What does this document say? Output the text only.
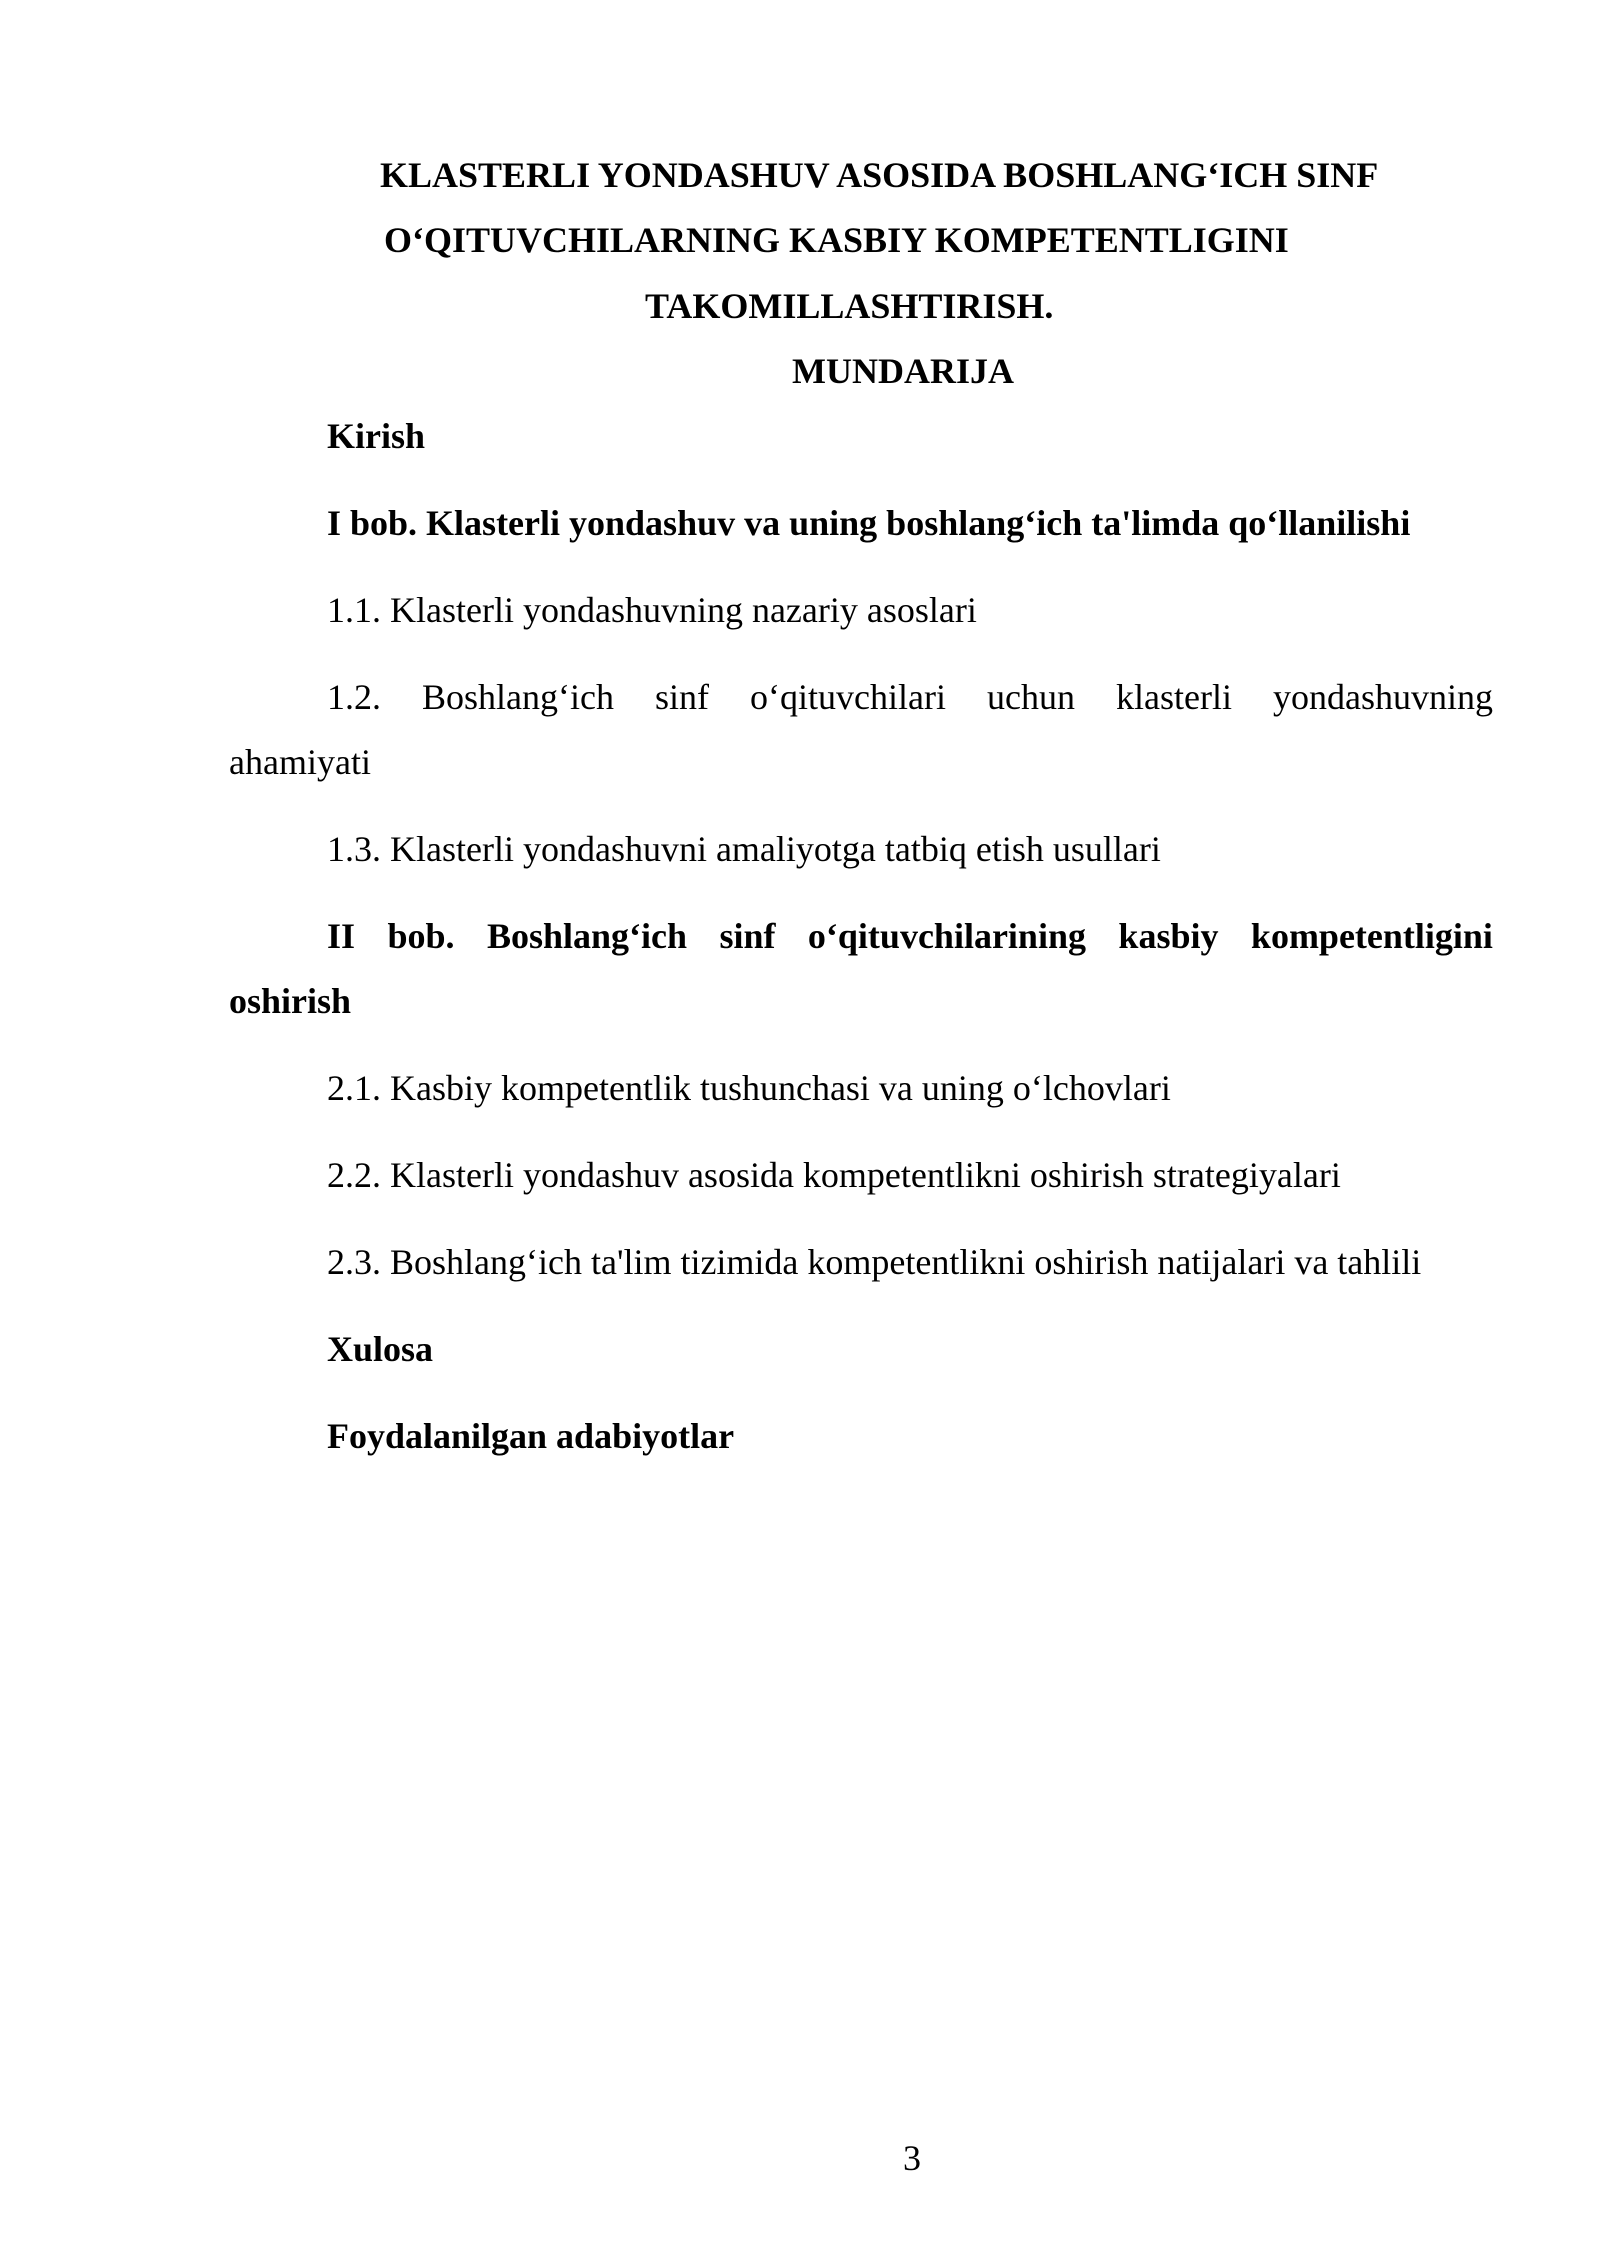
KLASTERLI YONDASHUV ASOSIDA BOSHLANG‘ICH SINF
O‘QITUVCHILARNING KASBIY KOMPETENTLIGINI
TAKOMILLASHTIRISH.
MUNDARIJA
Kirish
I bob. Klasterli yondashuv va uning boshlang‘ich ta'limda qo‘llanilishi
1.1. Klasterli yondashuvning nazariy asoslari
1.2. Boshlang‘ich sinf o‘qituvchilari uchun klasterli yondashuvning
ahamiyati
1.3. Klasterli yondashuvni amaliyotga tatbiq etish usullari
II bob. Boshlang‘ich sinf o‘qituvchilarining kasbiy kompetentligini
oshirish
2.1. Kasbiy kompetentlik tushunchasi va uning o‘lchovlari
2.2. Klasterli yondashuv asosida kompetentlikni oshirish strategiyalari
2.3. Boshlang‘ich ta'lim tizimida kompetentlikni oshirish natijalari va tahlili
Xulosa
Foydalanilgan adabiyotlar
3
